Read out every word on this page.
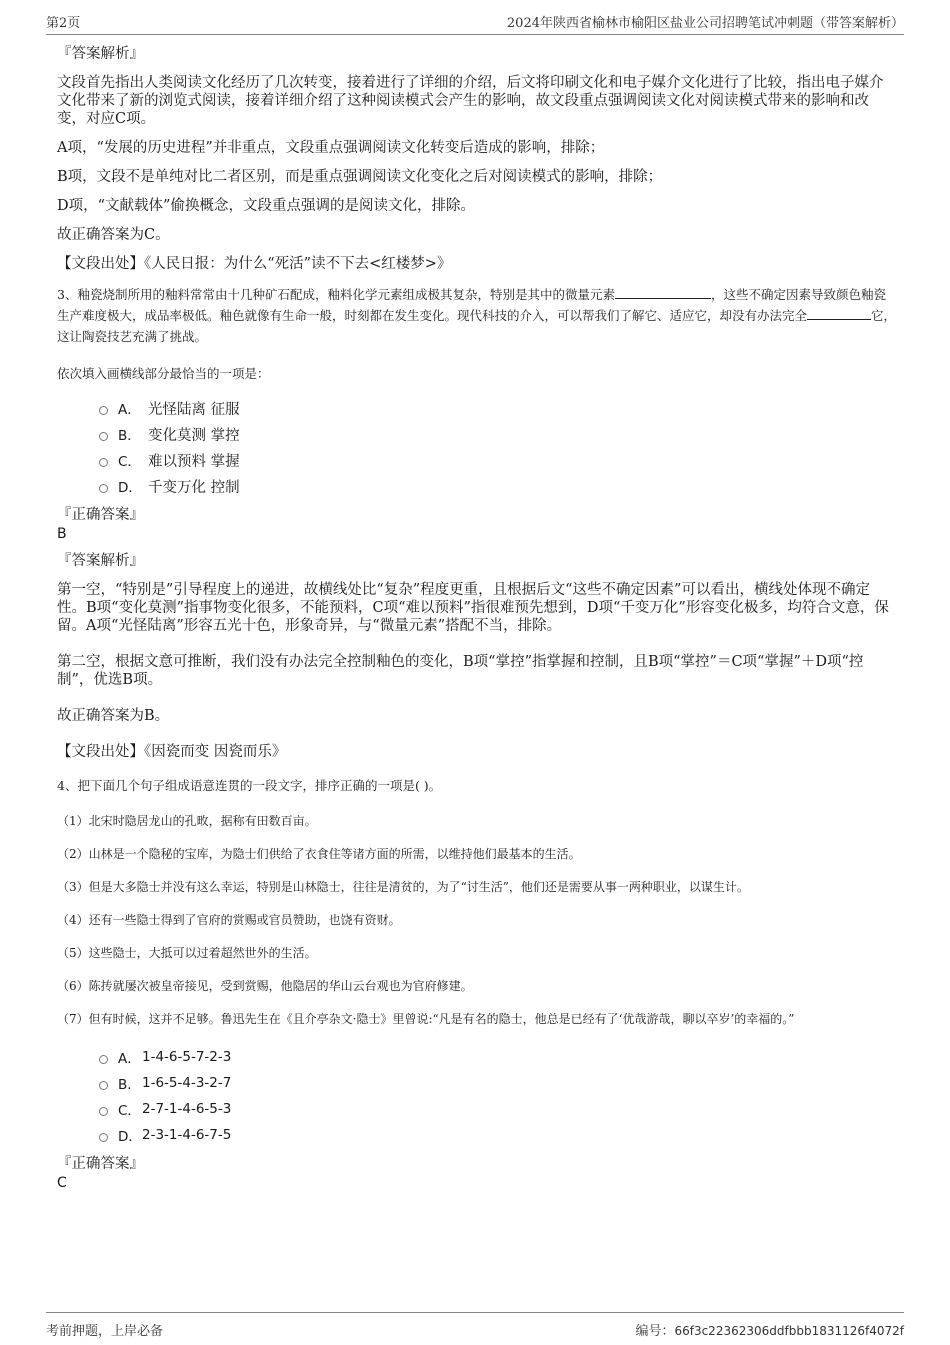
第2页	2024年陕西省榆林市榆阳区盐业公司招聘笔试冲刺题（带答案解析）

『答案解析』

文段首先指出人类阅读文化经历了几次转变，接着进行了详细的介绍，后文将印刷文化和电子媒介文化进行了比较，指出电子媒介文化带来了新的浏览式阅读，接着详细介绍了这种阅读模式会产生的影响，故文段重点强调阅读文化对阅读模式带来的影响和改变，对应C项。

A项，“发展的历史进程”并非重点，文段重点强调阅读文化转变后造成的影响，排除；

B项，文段不是单纯对比二者区别，而是重点强调阅读文化变化之后对阅读模式的影响，排除；

D项，“文献载体”偷换概念，文段重点强调的是阅读文化，排除。

故正确答案为C。

【文段出处】《人民日报：为什么“死活”读不下去<红楼梦>》

3、釉瓷烧制所用的釉料常常由十几种矿石配成，釉料化学元素组成极其复杂，特别是其中的微量元素	，这些不确定因素导致颜色釉瓷生产难度极大，成品率极低。釉色就像有生命一般，时刻都在发生变化。现代科技的介入，可以帮我们了解它、适应它，却没有办法完全	它，这让陶瓷技艺充满了挑战。

依次填入画横线部分最恰当的一项是：

A． 光怪陆离 征服
B． 变化莫测 掌控
C． 难以预料 掌握
D． 千变万化 控制

『正确答案』

B

『答案解析』

第一空，“特别是”引导程度上的递进，故横线处比“复杂”程度更重，且根据后文“这些不确定因素”可以看出，横线处体现不确定性。B项“变化莫测”指事物变化很多，不能预料，C项“难以预料”指很难预先想到，D项“千变万化”形容变化极多，均符合文意，保留。A项“光怪陆离”形容五光十色，形象奇异，与“微量元素”搭配不当，排除。

第二空，根据文意可推断，我们没有办法完全控制釉色的变化，B项“掌控”指掌握和控制，且B项“掌控”＝C项“掌握”＋D项“控制”，优选B项。

故正确答案为B。

【文段出处】《因瓷而变 因瓷而乐》

4、把下面几个句子组成语意连贯的一段文字，排序正确的一项是( )。

（1）北宋时隐居龙山的孔畋，据称有田数百亩。

（2）山林是一个隐秘的宝库，为隐士们供给了衣食住等诸方面的所需，以维持他们最基本的生活。

（3）但是大多隐士并没有这么幸运，特别是山林隐士，往往是清贫的，为了“讨生活”，他们还是需要从事一两种职业，以谋生计。

（4）还有一些隐士得到了官府的赏赐或官员赞助，也饶有资财。

（5）这些隐士，大抵可以过着超然世外的生活。

（6）陈抟就屡次被皇帝接见，受到赏赐，他隐居的华山云台观也为官府修建。

（7）但有时候，这并不足够。鲁迅先生在《且介亭杂文·隐士》里曾说:“凡是有名的隐士，他总是已经有了‘优哉游哉，聊以卒岁’的幸福的。”

A． 1-4-6-5-7-2-3
B． 1-6-5-4-3-2-7
C． 2-7-1-4-6-5-3
D． 2-3-1-4-6-7-5

『正确答案』

C

考前押题，上岸必备	编号：66f3c22362306ddfbbb1831126f4072f
